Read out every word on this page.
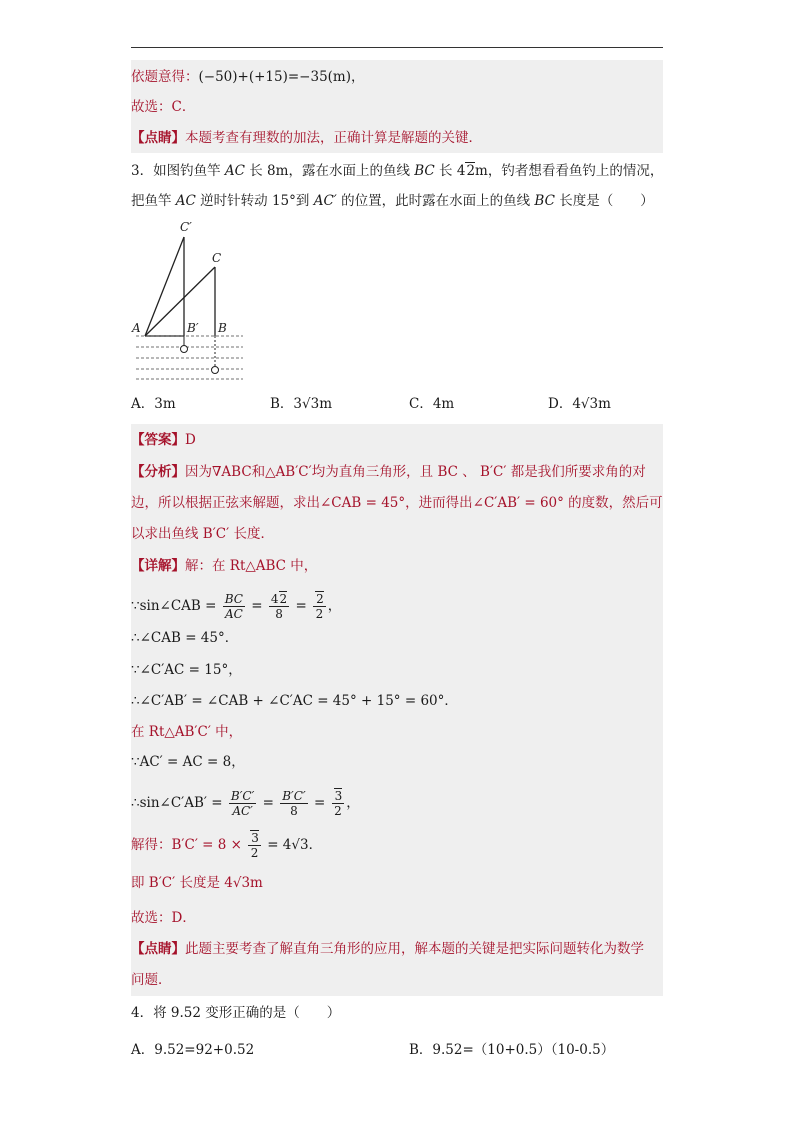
依题意得：(−50)+(+15)=−35(m)，
故选：C．
【点睛】本题考查有理数的加法，正确计算是解题的关键．
3．如图钓鱼竿 AC 长 8m，露在水面上的鱼线 BC 长 42m，钓者想看看鱼钓上的情况，
把鱼竿 AC 逆时针转动 15°到 AC′ 的位置，此时露在水面上的鱼线 BC 长度是（　　）
C′
C
A	B′ B
A．3m	B．3√3m	C．4m	D．4√3m
【答案】D
【分析】因为∇ABC和△AB′C′均为直角三角形，且 BC 、 B′C′ 都是我们所要求角的对
边，所以根据正弦来解题，求出∠CAB = 45°，进而得出∠C′AB′ = 60° 的度数，然后可
以求出鱼线 B′C′ 长度．
【详解】解：在 Rt△ABC 中，
∵sin∠CAB = $\frac{BC}{AC} = \frac{42}{8} = \frac{2}{2}$ ，
∴∠CAB = 45°．
∵∠C′AC = 15°，
∴∠C′AB′ = ∠CAB + ∠C′AC = 45° + 15° = 60°．
在 Rt△AB′C′ 中，
∵AC′ = AC = 8，
∴sin∠C′AB′ = $\frac{B'C'}{AC'} = \frac{B'C'}{8} = \frac{3}{2}$ ，
解得：$B'C' = 8 \times \frac{3}{2} = 4√3$．
即 B′C′ 长度是 4√3m
故选：D．
【点睛】此题主要考查了解直角三角形的应用，解本题的关键是把实际问题转化为数学
问题．
4．将 9.52 变形正确的是（　　）
A．9.52=92+0.52	B．9.52=（10+0.5）（10-0.5）
